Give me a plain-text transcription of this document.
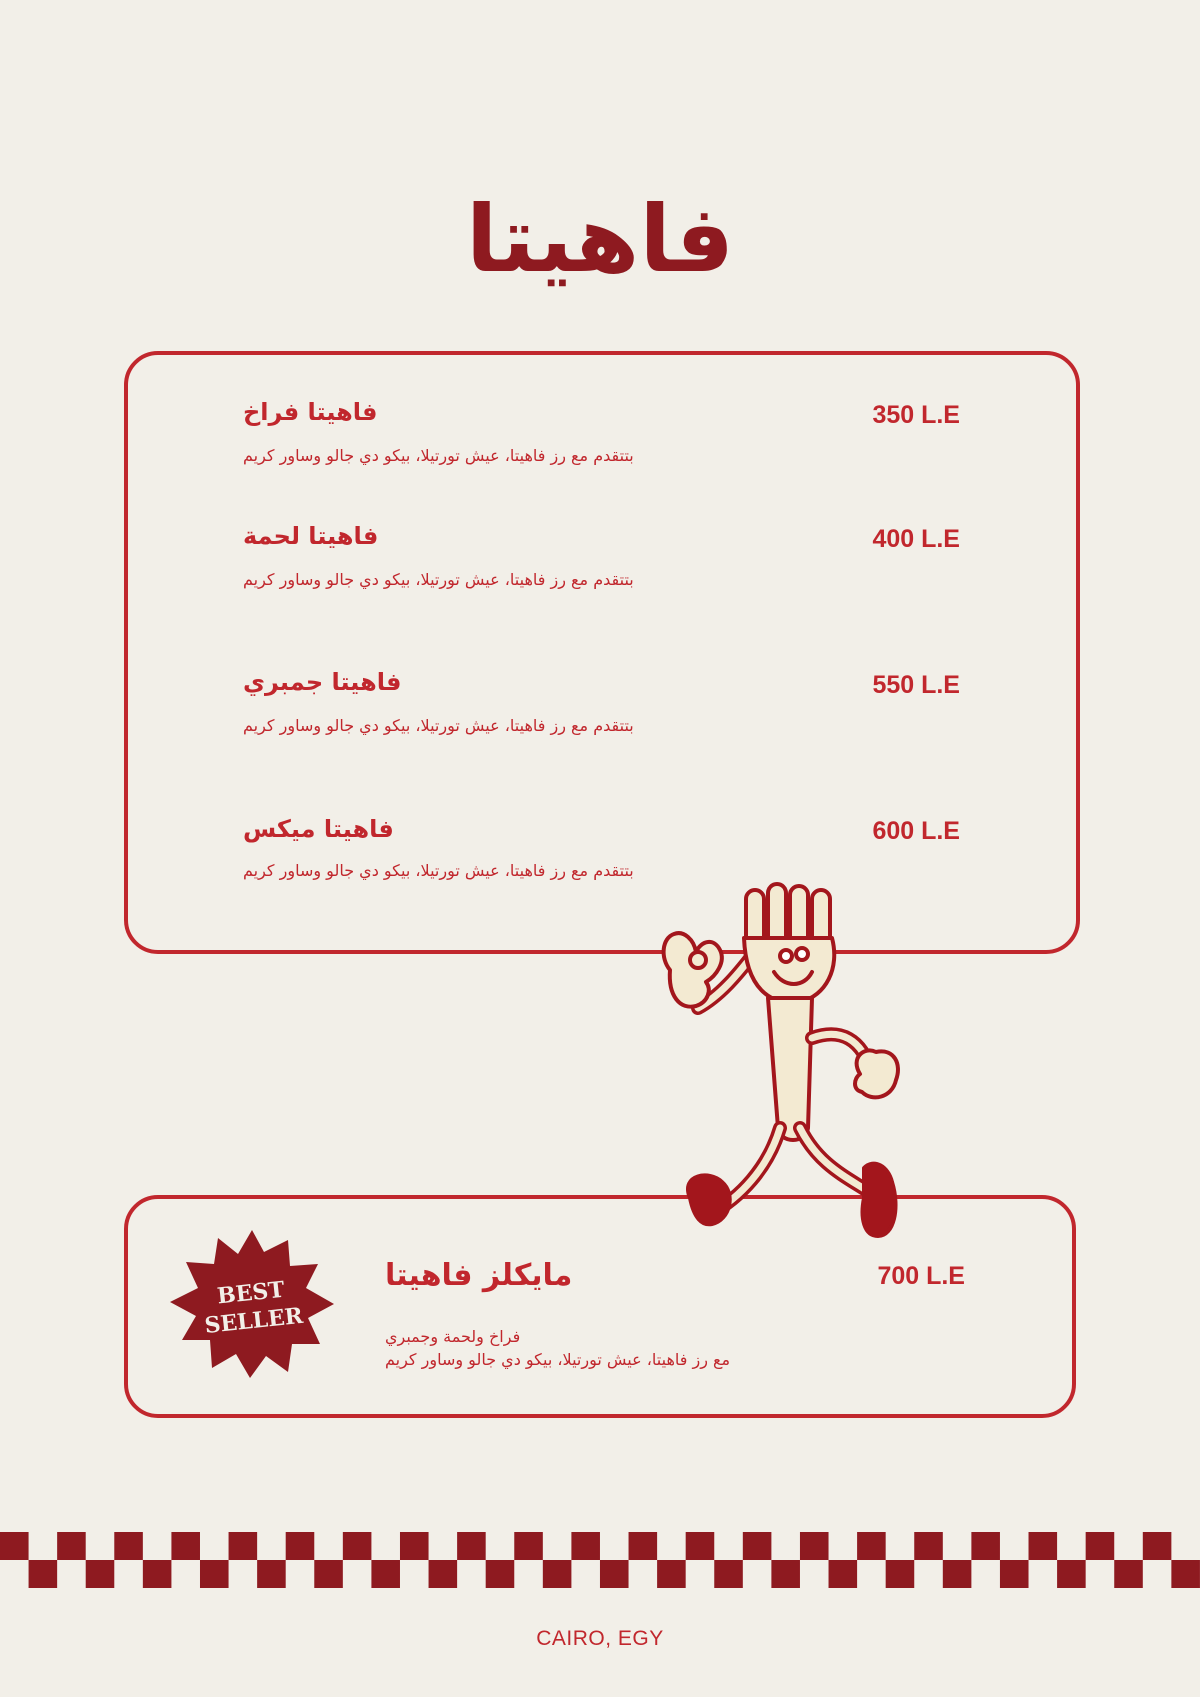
فاهيتا
فاهيتا فراخ
بتتقدم مع رز فاهيتا، عيش تورتيلا، بيكو دي جالو وساور كريم
350 L.E
فاهيتا لحمة
بتتقدم مع رز فاهيتا، عيش تورتيلا، بيكو دي جالو وساور كريم
400 L.E
فاهيتا جمبري
بتتقدم مع رز فاهيتا، عيش تورتيلا، بيكو دي جالو وساور كريم
550 L.E
فاهيتا ميكس
بتتقدم مع رز فاهيتا، عيش تورتيلا، بيكو دي جالو وساور كريم
600 L.E
BEST
SELLER
مايكلز فاهيتا
فراخ ولحمة وجمبري
مع رز فاهيتا، عيش تورتيلا، بيكو دي جالو وساور كريم
700 L.E
CAIRO, EGY
